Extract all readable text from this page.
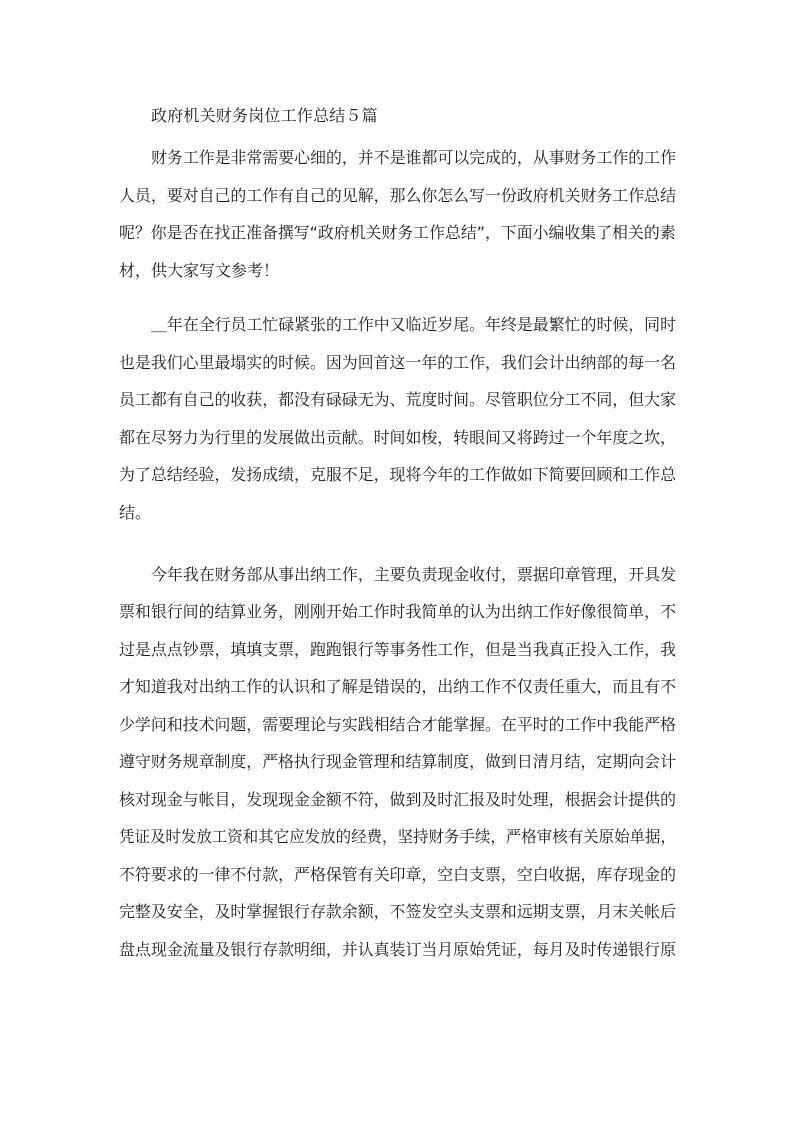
政府机关财务岗位工作总结５篇
财务工作是非常需要心细的，并不是谁都可以完成的，从事财务工作的工作
人员，要对自己的工作有自己的见解，那么你怎么写一份政府机关财务工作总结
呢？你是否在找正准备撰写“政府机关财务工作总结”，下面小编收集了相关的素
材，供大家写文参考！
＿年在全行员工忙碌紧张的工作中又临近岁尾。年终是最繁忙的时候，同时
也是我们心里最塌实的时候。因为回首这一年的工作，我们会计出纳部的每一名
员工都有自己的收获，都没有碌碌无为、荒度时间。尽管职位分工不同，但大家
都在尽努力为行里的发展做出贡献。时间如梭，转眼间又将跨过一个年度之坎，
为了总结经验，发扬成绩，克服不足，现将今年的工作做如下简要回顾和工作总
结。
今年我在财务部从事出纳工作，主要负责现金收付，票据印章管理，开具发
票和银行间的结算业务，刚刚开始工作时我简单的认为出纳工作好像很简单，不
过是点点钞票，填填支票，跑跑银行等事务性工作，但是当我真正投入工作，我
才知道我对出纳工作的认识和了解是错误的，出纳工作不仅责任重大，而且有不
少学问和技术问题，需要理论与实践相结合才能掌握。在平时的工作中我能严格
遵守财务规章制度，严格执行现金管理和结算制度，做到日清月结，定期向会计
核对现金与帐目，发现现金金额不符，做到及时汇报及时处理，根据会计提供的
凭证及时发放工资和其它应发放的经费，坚持财务手续，严格审核有关原始单据，
不符要求的一律不付款，严格保管有关印章，空白支票，空白收据，库存现金的
完整及安全，及时掌握银行存款余额，不签发空头支票和远期支票，月末关帐后
盘点现金流量及银行存款明细，并认真装订当月原始凭证，每月及时传递银行原
